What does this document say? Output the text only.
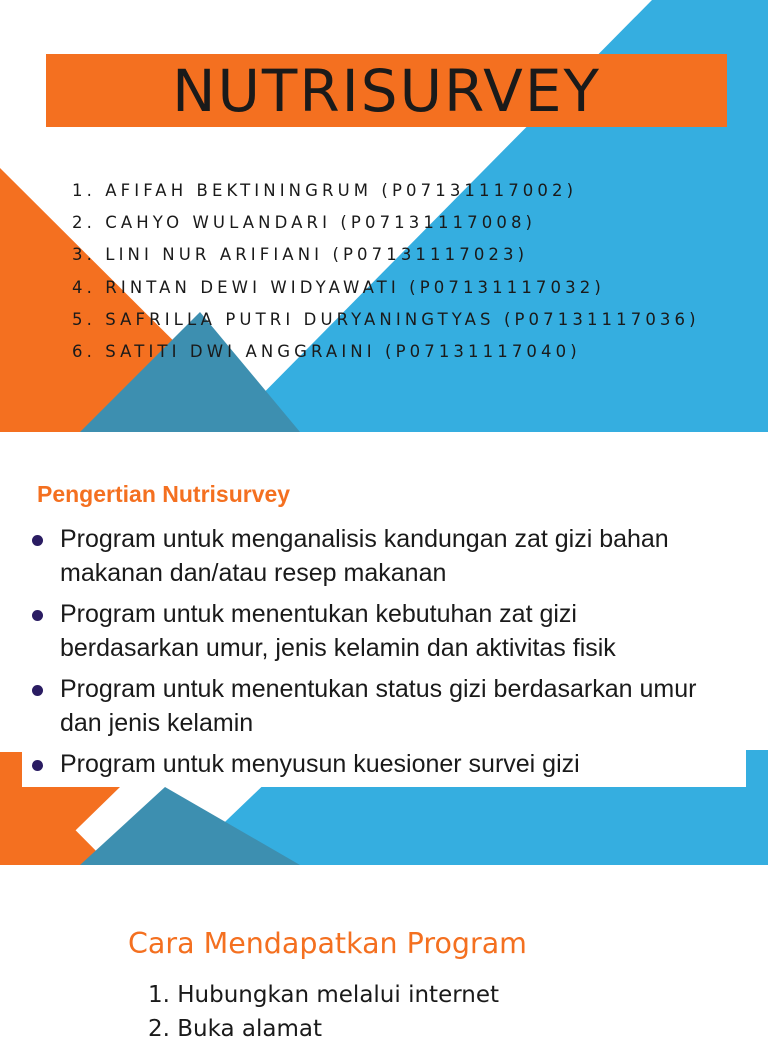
NUTRISURVEY
1. AFIFAH BEKTININGRUM (P07131117002)
2. CAHYO WULANDARI (P07131117008)
3. LINI NUR ARIFIANI (P07131117023)
4. RINTAN DEWI WIDYAWATI (P07131117032)
5. SAFRILLA PUTRI DURYANINGTYAS (P07131117036)
6. SATITI DWI ANGGRAINI (P07131117040)
Pengertian Nutrisurvey
Program untuk menganalisis kandungan zat gizi bahan makanan dan/atau resep makanan
Program untuk menentukan kebutuhan zat gizi berdasarkan umur, jenis kelamin dan aktivitas fisik
Program untuk menentukan status gizi berdasarkan umur dan jenis kelamin
Program untuk menyusun kuesioner survei gizi
Cara Mendapatkan Program
1. Hubungkan melalui internet
2. Buka alamat
